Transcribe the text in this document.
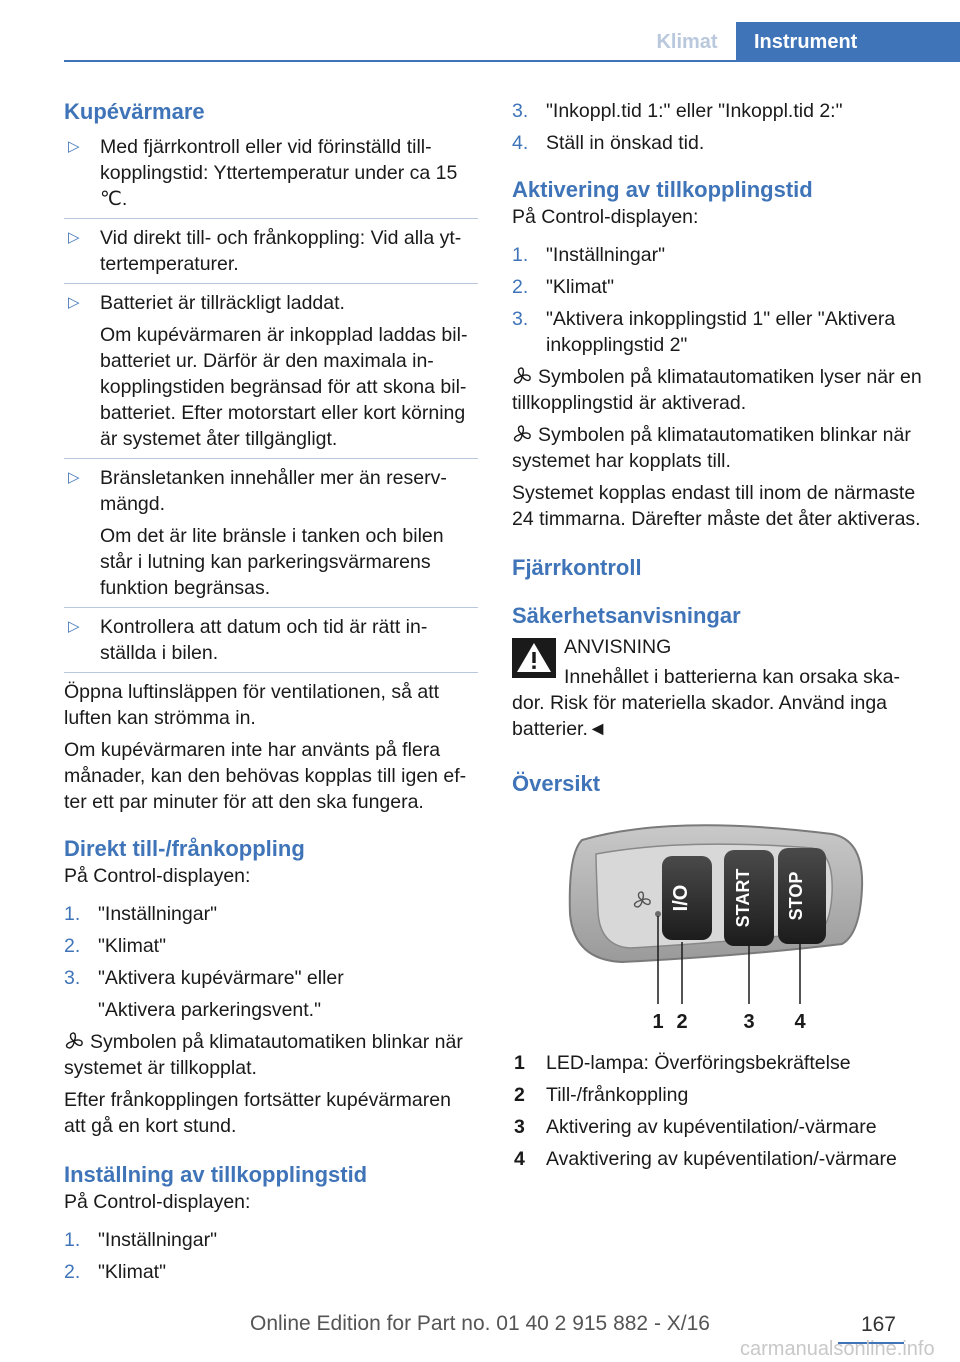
Klimat	Instrument
Kupévärmare
▷ Med fjärrkontroll eller vid förinställd till-kopplingstid: Yttertemperatur under ca 15 ℃.
▷ Vid direkt till- och frånkoppling: Vid alla yt-tertemperaturer.
▷ Batteriet är tillräckligt laddat.

Om kupévärmaren är inkopplad laddas bil-batteriet ur. Därför är den maximala in-kopplingstiden begränsad för att skona bil-batteriet. Efter motorstart eller kort körning är systemet åter tillgängligt.

▷ Bränsletanken innehåller mer än reserv-mängd.

Om det är lite bränsle i tanken och bilen står i lutning kan parkeringsvärmarens funktion begränsas.

▷ Kontrollera att datum och tid är rätt in-ställda i bilen.

Öppna luftinsläppen för ventilationen, så att luften kan strömma in.

Om kupévärmaren inte har använts på flera månader, kan den behövas kopplas till igen ef-ter ett par minuter för att den ska fungera.

Direkt till-/frånkoppling

På Control-displayen:

1. "Inställningar"
2. "Klimat"
3. "Aktivera kupévärmare" eller
"Aktivera parkeringsvent."

Symbolen på klimatautomatiken blinkar när systemet är tillkopplat.

Efter frånkopplingen fortsätter kupévärmaren att gå en kort stund.

Inställning av tillkopplingstid

På Control-displayen:

1. "Inställningar"
2. "Klimat"
3. "Inkoppl.tid 1:" eller "Inkoppl.tid 2:"
4. Ställ in önskad tid.
Aktivering av tillkopplingstid

På Control-displayen:

1. "Inställningar"
2. "Klimat"
3. "Aktivera inkopplingstid 1" eller "Aktivera inkopplingstid 2"

Symbolen på klimatautomatiken lyser när en tillkopplingstid är aktiverad.

Symbolen på klimatautomatiken blinkar när systemet har kopplats till.

Systemet kopplas endast till inom de närmaste 24 timmarna. Därefter måste det åter aktiveras.

Fjärrkontroll
Säkerhetsanvisningar
ANVISNING

Innehållet i batterierna kan orsaka ska-dor. Risk för materiella skador. Använd inga batterier.◄

Översikt
I/O START STOP
1 2	3 4
1 LED-lampa: Överföringsbekräftelse
2 Till-/frånkoppling
3 Aktivering av kupéventilation/-värmare
4 Avaktivering av kupéventilation/-värmare
Online Edition for Part no. 01 40 2 915 882 - X/16	167
carmanualsonline.info
